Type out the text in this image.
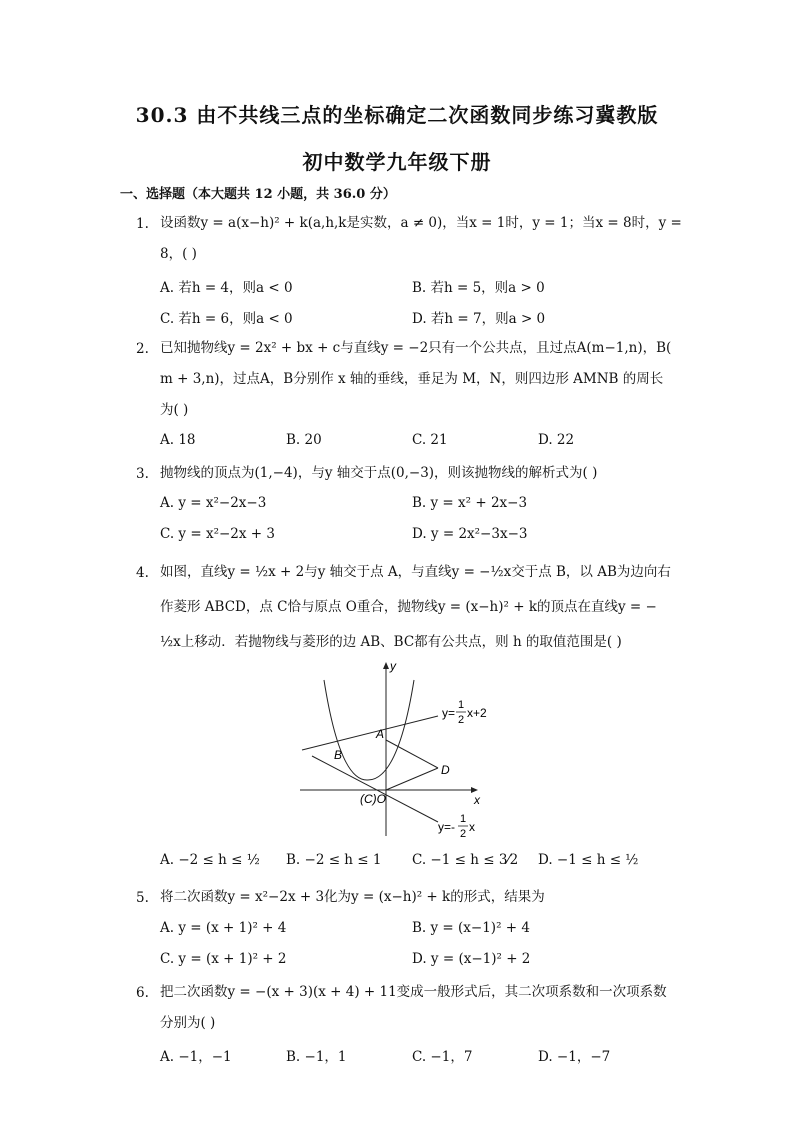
30.3 由不共线三点的坐标确定二次函数同步练习冀教版
初中数学九年级下册
一、选择题（本大题共 12 小题，共 36.0 分）
1. 设函数y = a(x−h)² + k(a,h,k是实数，a ≠ 0)，当x = 1时，y = 1；当x = 8时，y =
8，( )
A. 若h = 4，则a < 0	B. 若h = 5，则a > 0
C. 若h = 6，则a < 0	D. 若h = 7，则a > 0
2. 已知抛物线y = 2x² + bx + c与直线y = −2只有一个公共点，且过点A(m−1,n)，B(
m + 3,n)，过点A，B分别作 x 轴的垂线，垂足为 M，N，则四边形 AMNB 的周长
为( )
A. 18	B. 20	C. 21	D. 22
3. 抛物线的顶点为(1,−4)，与y 轴交于点(0,−3)，则该抛物线的解析式为( )
A. y = x²−2x−3	B. y = x² + 2x−3
C. y = x²−2x + 3	D. y = 2x²−3x−3
4. 如图，直线y = ½x + 2与y 轴交于点 A，与直线y = −½x交于点 B，以 AB为边向右
作菱形 ABCD，点 C恰与原点 O重合，抛物线y = (x−h)² + k的顶点在直线y = −
½x上移动．若抛物线与菱形的边 AB、BC都有公共点，则 h 的取值范围是( )
y
x
A
B
D
(C)O
y=
1
2 x+2
y=-
1
2 x
A. −2 ≤ h ≤ ½ B. −2 ≤ h ≤ 1 C. −1 ≤ h ≤ 3⁄2 D. −1 ≤ h ≤ ½
5. 将二次函数y = x²−2x + 3化为y = (x−h)² + k的形式，结果为
A. y = (x + 1)² + 4	B. y = (x−1)² + 4
C. y = (x + 1)² + 2	D. y = (x−1)² + 2
6. 把二次函数y = −(x + 3)(x + 4) + 11变成一般形式后，其二次项系数和一次项系数
分别为( )
A. −1，−1	B. −1，1	C. −1，7	D. −1，−7
